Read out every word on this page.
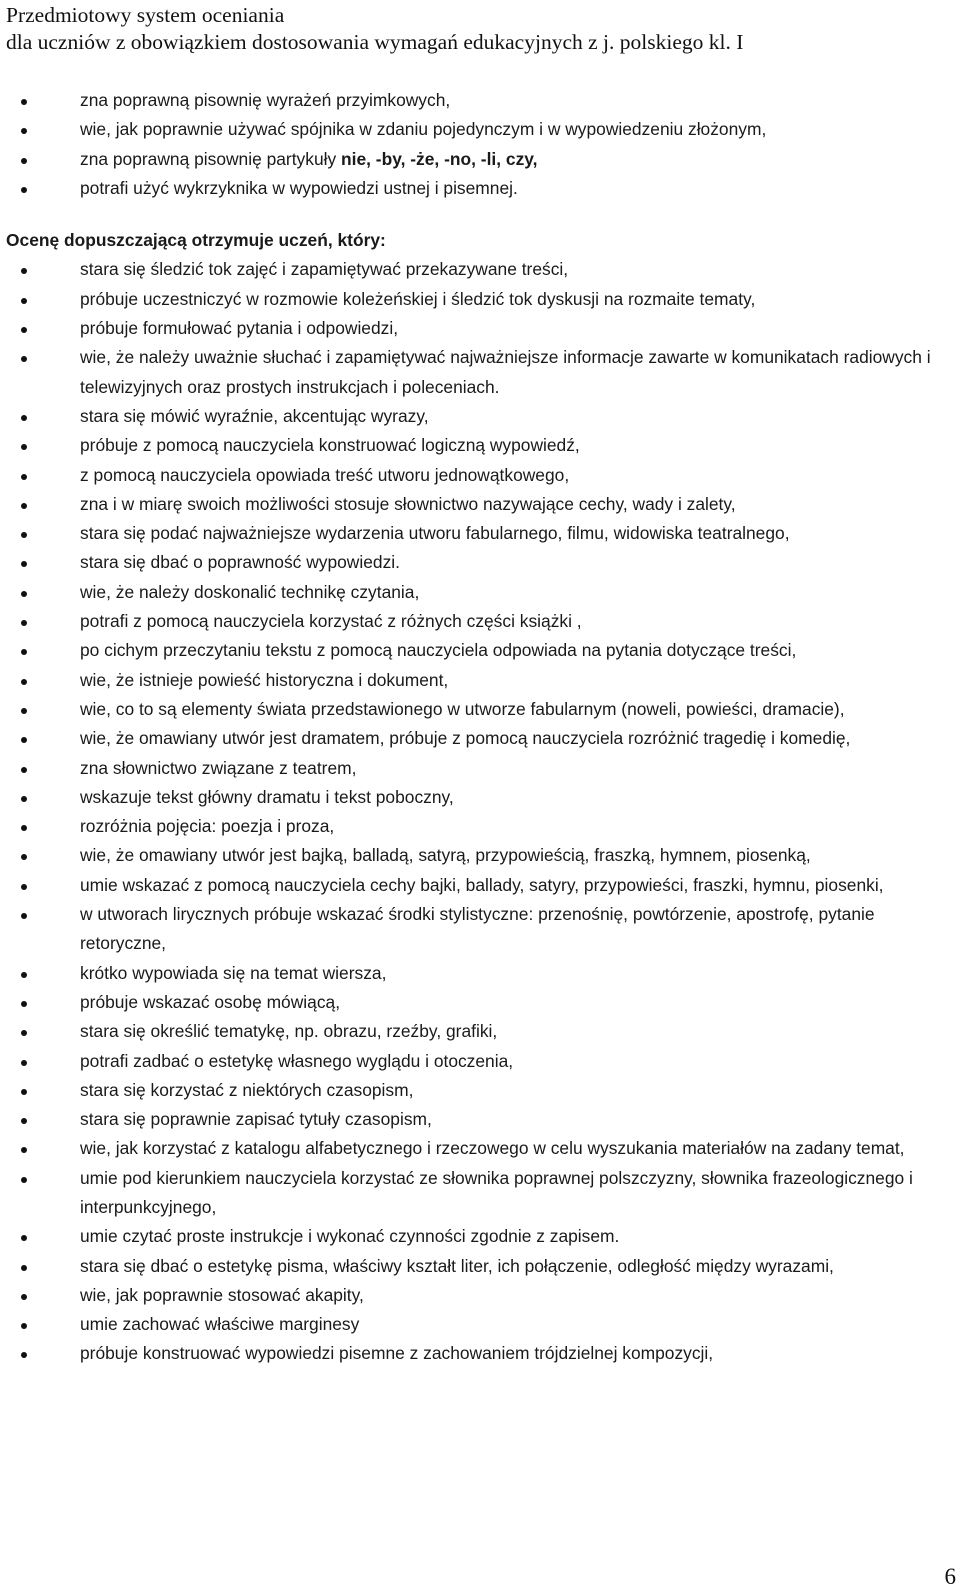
Przedmiotowy system oceniania
dla uczniów z obowiązkiem dostosowania wymagań edukacyjnych z j. polskiego kl. I
zna poprawną pisownię wyrażeń przyimkowych,
wie, jak poprawnie używać spójnika w zdaniu pojedynczym i w wypowiedzeniu złożonym,
zna poprawną pisownię partykuły nie, -by, -że, -no, -li, czy,
potrafi użyć wykrzyknika w wypowiedzi ustnej i pisemnej.
Ocenę dopuszczającą otrzymuje uczeń, który:
stara się śledzić tok zajęć i zapamiętywać przekazywane treści,
próbuje uczestniczyć w rozmowie koleżeńskiej i śledzić tok dyskusji na rozmaite tematy,
próbuje formułować pytania i odpowiedzi,
wie, że należy uważnie słuchać i zapamiętywać najważniejsze informacje zawarte w komunikatach radiowych i telewizyjnych oraz prostych instrukcjach i poleceniach.
stara się mówić wyraźnie, akcentując wyrazy,
próbuje z pomocą nauczyciela konstruować logiczną wypowiedź,
z pomocą nauczyciela opowiada treść utworu jednowątkowego,
zna i w miarę swoich możliwości stosuje słownictwo nazywające cechy, wady i zalety,
stara się podać najważniejsze wydarzenia utworu fabularnego, filmu, widowiska teatralnego,
stara się dbać o poprawność wypowiedzi.
wie, że należy doskonalić technikę czytania,
potrafi z pomocą nauczyciela korzystać z różnych części książki ,
po cichym przeczytaniu tekstu z pomocą nauczyciela odpowiada na pytania dotyczące treści,
wie, że istnieje powieść historyczna i dokument,
wie, co to są elementy świata przedstawionego w utworze fabularnym (noweli, powieści, dramacie),
wie, że omawiany utwór jest dramatem, próbuje z pomocą nauczyciela rozróżnić tragedię i komedię,
zna słownictwo związane z teatrem,
wskazuje tekst główny dramatu i tekst poboczny,
rozróżnia pojęcia: poezja i proza,
wie, że omawiany utwór jest bajką, balladą, satyrą, przypowieścią, fraszką, hymnem, piosenką,
umie wskazać z pomocą nauczyciela cechy bajki, ballady, satyry, przypowieści, fraszki, hymnu, piosenki,
w utworach lirycznych próbuje wskazać środki stylistyczne: przenośnię, powtórzenie, apostrofę, pytanie retoryczne,
krótko wypowiada się na temat wiersza,
próbuje wskazać osobę mówiącą,
stara się określić tematykę, np. obrazu, rzeźby, grafiki,
potrafi zadbać o estetykę własnego wyglądu i otoczenia,
stara się korzystać z niektórych czasopism,
stara się poprawnie zapisać tytuły czasopism,
wie, jak korzystać z katalogu alfabetycznego i rzeczowego w celu wyszukania materiałów na zadany temat,
umie pod kierunkiem nauczyciela korzystać ze słownika poprawnej polszczyzny, słownika frazeologicznego i interpunkcyjnego,
umie czytać proste instrukcje i wykonać czynności zgodnie z zapisem.
stara się dbać o estetykę pisma, właściwy kształt liter, ich połączenie, odległość między wyrazami,
wie, jak poprawnie stosować akapity,
umie zachować właściwe marginesy
próbuje konstruować wypowiedzi pisemne z zachowaniem trójdzielnej kompozycji,
6
